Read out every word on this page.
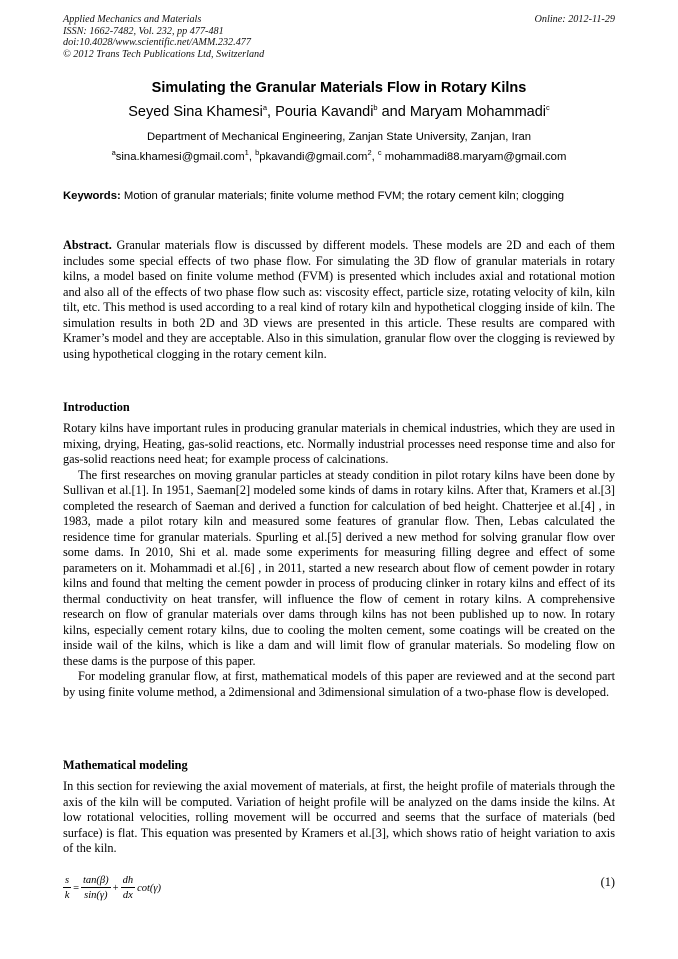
Applied Mechanics and Materials
ISSN: 1662-7482, Vol. 232, pp 477-481
doi:10.4028/www.scientific.net/AMM.232.477
© 2012 Trans Tech Publications Ltd, Switzerland
Online: 2012-11-29
Simulating the Granular Materials Flow in Rotary Kilns
Seyed Sina Khamesi$^a$, Pouria Kavandi$^b$ and Maryam Mohammadi$^c$
Department of Mechanical Engineering, Zanjan State University, Zanjan, Iran
$^a$sina.khamesi@gmail.com$^1$, $^b$pkavandi@gmail.com$^2$, $^c$ mohammadi88.maryam@gmail.com
Keywords: Motion of granular materials; finite volume method FVM; the rotary cement kiln; clogging
Abstract. Granular materials flow is discussed by different models. These models are 2D and each of them includes some special effects of two phase flow. For simulating the 3D flow of granular materials in rotary kilns, a model based on finite volume method (FVM) is presented which includes axial and rotational motion and also all of the effects of two phase flow such as: viscosity effect, particle size, rotating velocity of kiln, kiln tilt, etc. This method is used according to a real kind of rotary kiln and hypothetical clogging inside of kiln. The simulation results in both 2D and 3D views are presented in this article. These results are compared with Kramer’s model and they are acceptable. Also in this simulation, granular flow over the clogging is reviewed by using hypothetical clogging in the rotary cement kiln.
Introduction

Rotary kilns have important rules in producing granular materials in chemical industries, which they are used in mixing, drying, Heating, gas-solid reactions, etc. Normally industrial processes need response time and also for gas-solid reactions need heat; for example process of calcinations.

The first researches on moving granular particles at steady condition in pilot rotary kilns have been done by Sullivan et al.[1]. In 1951, Saeman[2] modeled some kinds of dams in rotary kilns. After that, Kramers et al.[3] completed the research of Saeman and derived a function for calculation of bed height. Chatterjee et al.[4] , in 1983, made a pilot rotary kiln and measured some features of granular flow. Then, Lebas calculated the residence time for granular materials. Spurling et al.[5] derived a new method for solving granular flow over some dams. In 2010, Shi et al. made some experiments for measuring filling degree and effect of some parameters on it. Mohammadi et al.[6] , in 2011, started a new research about flow of cement powder in rotary kilns and found that melting the cement powder in process of producing clinker in rotary kilns and effect of its thermal conductivity on heat transfer, will influence the flow of cement in rotary kilns. A comprehensive research on flow of granular materials over dams through kilns has not been published up to now. In rotary kilns, especially cement rotary kilns, due to cooling the molten cement, some coatings will be created on the inside wail of the kilns, which is like a dam and will limit flow of granular materials. So modeling flow on these dams is the purpose of this paper.

For modeling granular flow, at first, mathematical models of this paper are reviewed and at the second part by using finite volume method, a 2dimensional and 3dimensional simulation of a two-phase flow is developed.

Mathematical modeling
In this section for reviewing the axial movement of materials, at first, the height profile of materials through the axis of the kiln will be computed. Variation of height profile will be analyzed on the dams inside the kilns. At low rotational velocities, rolling movement will be occurred and seems that the surface of materials (bed surface) is flat. This equation was presented by Kramers et al.[3], which shows ratio of height variation to axis of the kiln.
$\frac{s}{k} = \frac{\tan(\beta)}{\sin(\gamma)} + \frac{dh}{dx} \cot(\gamma)$	(1)
